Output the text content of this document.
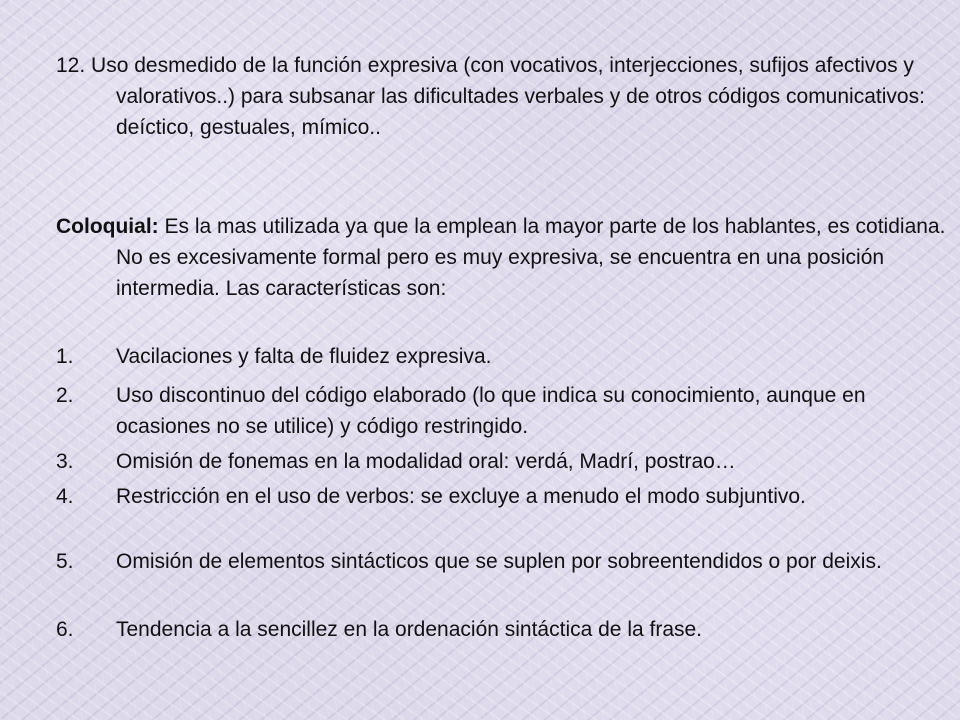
12. Uso desmedido de la función expresiva (con vocativos, interjecciones, sufijos afectivos y valorativos..) para subsanar las dificultades verbales y de otros códigos comunicativos: deíctico, gestuales, mímico..
Coloquial: Es la mas utilizada ya que la emplean la mayor parte de los hablantes, es cotidiana. No es excesivamente formal pero es muy expresiva, se encuentra en una posición intermedia. Las características son:
1.	Vacilaciones y falta de fluidez expresiva.
2.	Uso discontinuo del código elaborado (lo que indica su conocimiento, aunque en ocasiones no se utilice) y código restringido.
3.	Omisión de fonemas en la modalidad oral: verdá, Madrí, postrao…
4.	Restricción en el uso de verbos: se excluye a menudo el modo subjuntivo.
5.	Omisión de elementos sintácticos que se suplen por sobreentendidos o por deixis.
6.	Tendencia a la sencillez en la ordenación sintáctica de la frase.
